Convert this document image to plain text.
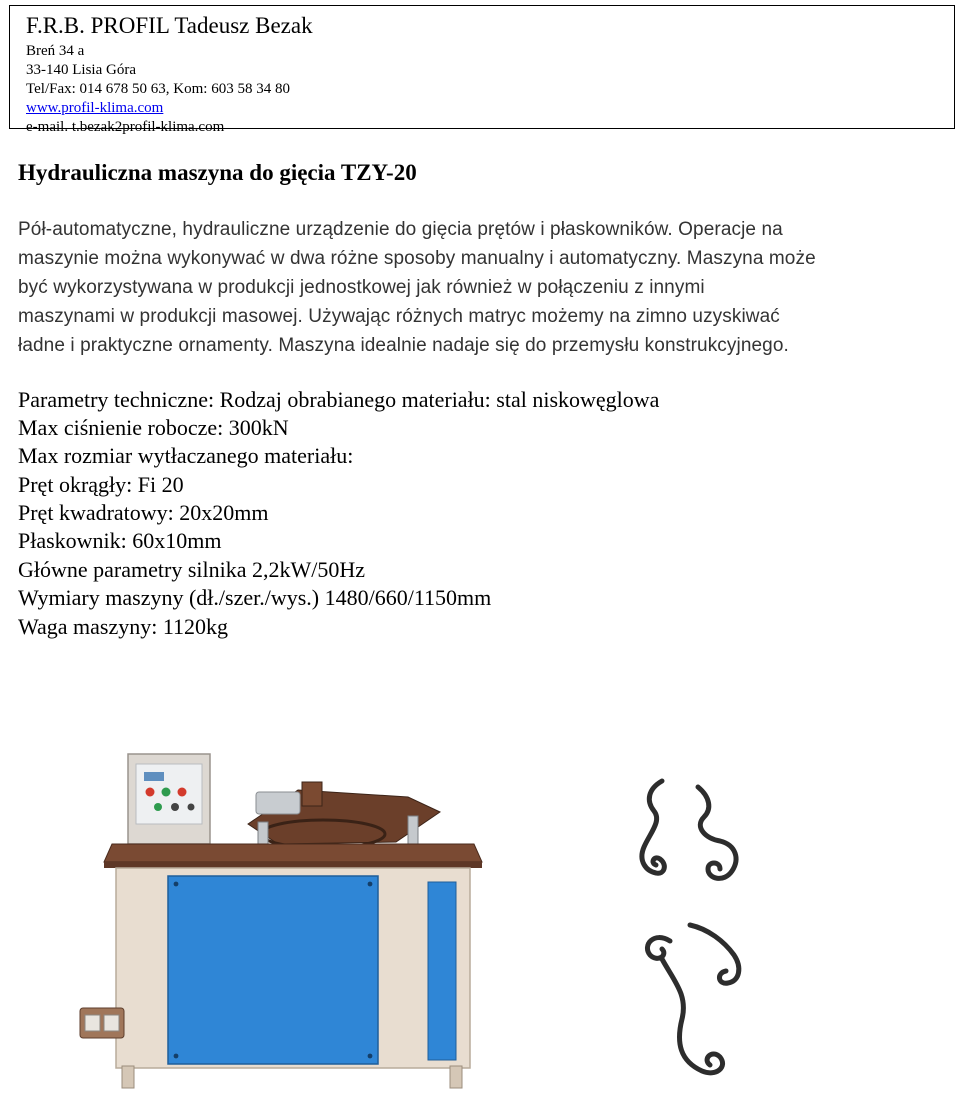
F.R.B. PROFIL Tadeusz Bezak
Breń 34 a
33-140 Lisia Góra
Tel/Fax: 014 678 50 63, Kom: 603 58 34 80
www.profil-klima.com
e-mail. t.bezak2profil-klima.com
Hydrauliczna maszyna do gięcia TZY-20
Pół-automatyczne, hydrauliczne urządzenie do gięcia prętów i płaskowników. Operacje na
maszynie można wykonywać w dwa różne sposoby manualny i automatyczny. Maszyna może
być wykorzystywana w produkcji jednostkowej jak również w połączeniu z innymi
maszynami w produkcji masowej. Używając różnych matryc możemy na zimno uzyskiwać
ładne i praktyczne ornamenty. Maszyna idealnie nadaje się do przemysłu konstrukcyjnego.
Parametry techniczne: Rodzaj obrabianego materiału: stal niskowęglowa
Max ciśnienie robocze: 300kN
Max rozmiar wytłaczanego materiału:
Pręt okrągły: Fi 20
Pręt kwadratowy: 20x20mm
Płaskownik: 60x10mm
Główne parametry silnika 2,2kW/50Hz
Wymiary maszyny (dł./szer./wys.) 1480/660/1150mm
Waga maszyny: 1120kg
